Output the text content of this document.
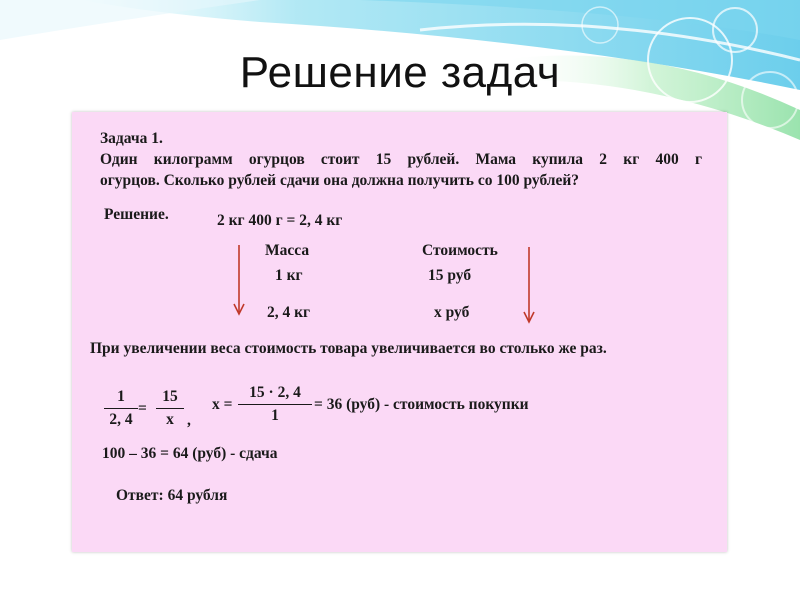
Решение задач
Задача 1.
Один килограмм огурцов стоит 15 рублей. Мама купила 2 кг 400 г
огурцов. Сколько рублей сдачи она должна получить со 100 рублей?
Решение.	2 кг 400 г = 2, 4 кг
Масса	Стоимость
1 кг	15 руб
2, 4 кг	х руб
При увеличении веса стоимость товара увеличивается во столько же раз.
1
2, 4
=
15
х ,
х =
15 · 2, 4
1
= 36 (руб) - стоимость покупки
100 – 36 = 64 (руб) - сдача
Ответ: 64 рубля
